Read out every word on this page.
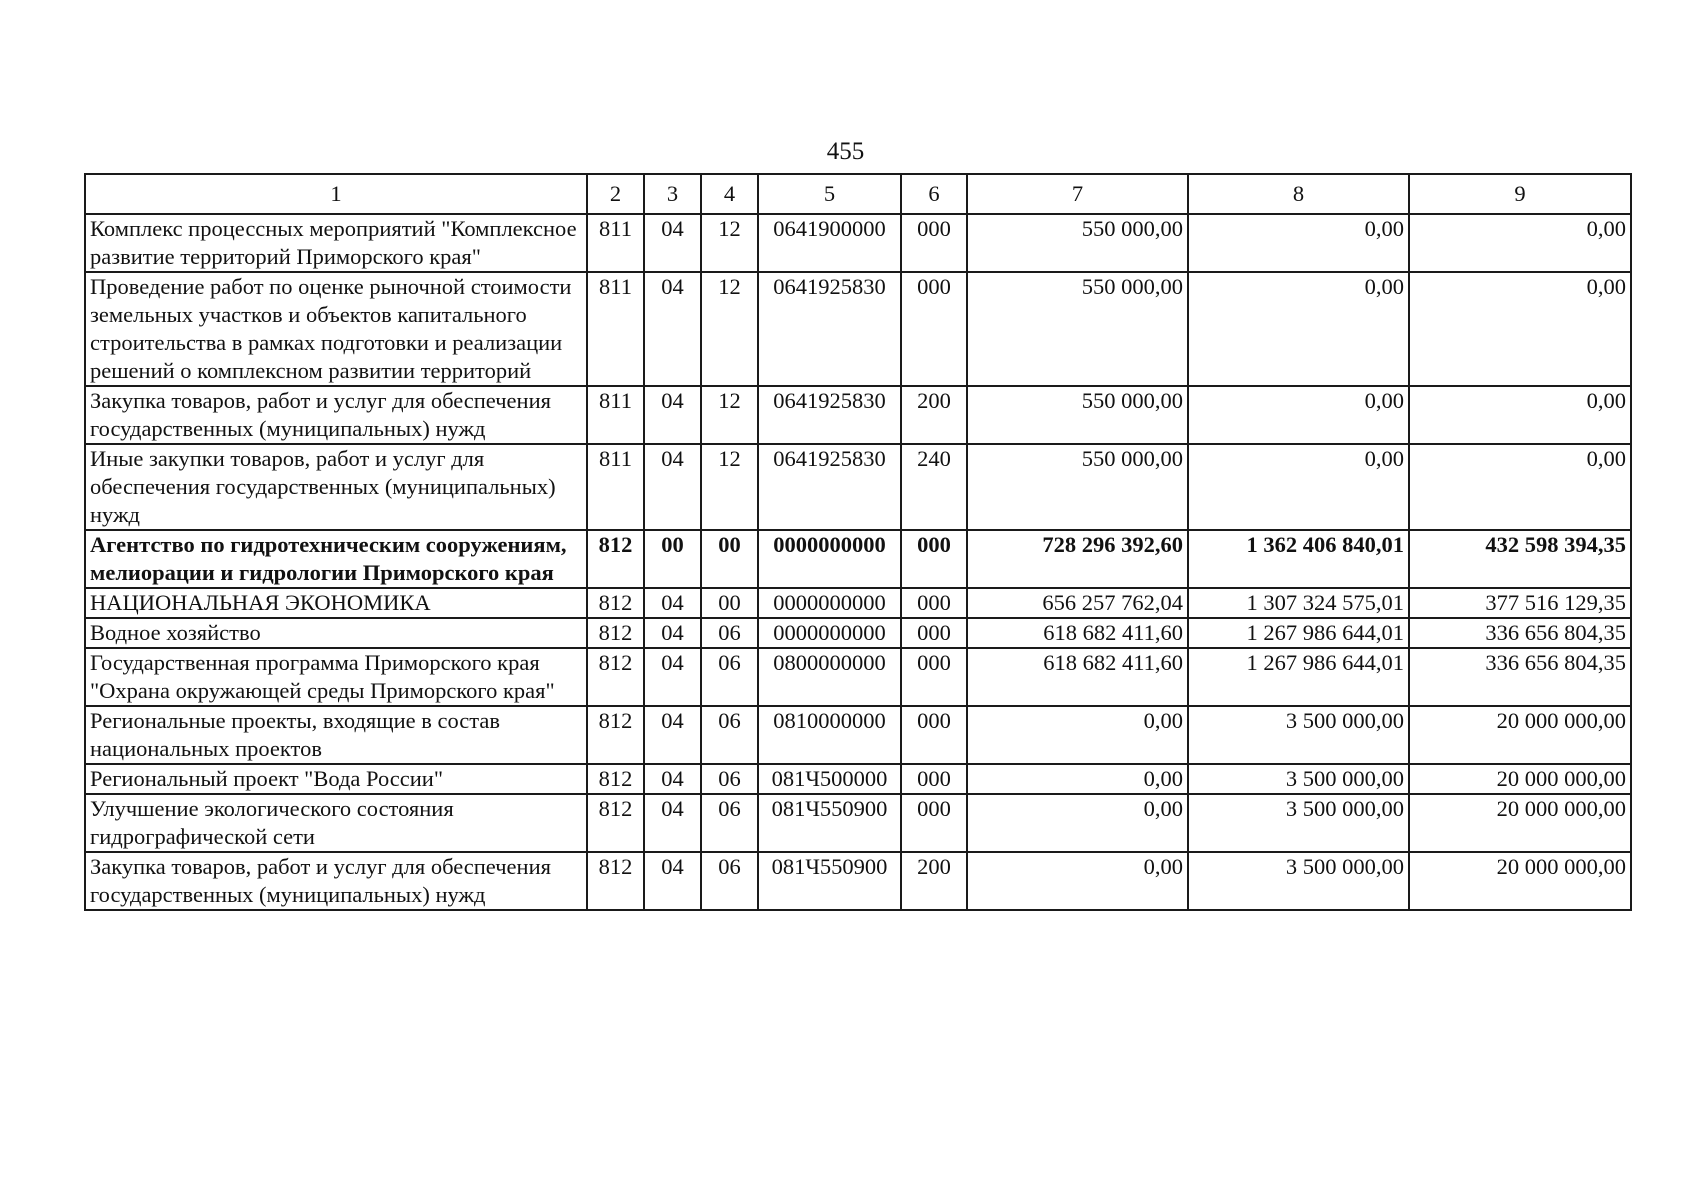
455
1	2	3	4	5	6	7	8	9
Комплекс процессных мероприятий "Комплексное развитие территорий Приморского края"	811	04	12	0641900000	000	550 000,00	0,00	0,00
Проведение работ по оценке рыночной стоимости земельных участков и объектов капитального строительства в рамках подготовки и реализации решений о комплексном развитии территорий	811	04	12	0641925830	000	550 000,00	0,00	0,00
Закупка товаров, работ и услуг для обеспечения государственных (муниципальных) нужд	811	04	12	0641925830	200	550 000,00	0,00	0,00
Иные закупки товаров, работ и услуг для обеспечения государственных (муниципальных) нужд	811	04	12	0641925830	240	550 000,00	0,00	0,00
Агентство по гидротехническим сооружениям, мелиорации и гидрологии Приморского края	812	00	00	0000000000	000	728 296 392,60	1 362 406 840,01	432 598 394,35
НАЦИОНАЛЬНАЯ ЭКОНОМИКА	812	04	00	0000000000	000	656 257 762,04	1 307 324 575,01	377 516 129,35
Водное хозяйство	812	04	06	0000000000	000	618 682 411,60	1 267 986 644,01	336 656 804,35
Государственная программа Приморского края "Охрана окружающей среды Приморского края"	812	04	06	0800000000	000	618 682 411,60	1 267 986 644,01	336 656 804,35
Региональные проекты, входящие в состав национальных проектов	812	04	06	0810000000	000	0,00	3 500 000,00	20 000 000,00
Региональный проект "Вода России"	812	04	06	081Ч500000	000	0,00	3 500 000,00	20 000 000,00
Улучшение экологического состояния гидрографической сети	812	04	06	081Ч550900	000	0,00	3 500 000,00	20 000 000,00
Закупка товаров, работ и услуг для обеспечения государственных (муниципальных) нужд	812	04	06	081Ч550900	200	0,00	3 500 000,00	20 000 000,00
